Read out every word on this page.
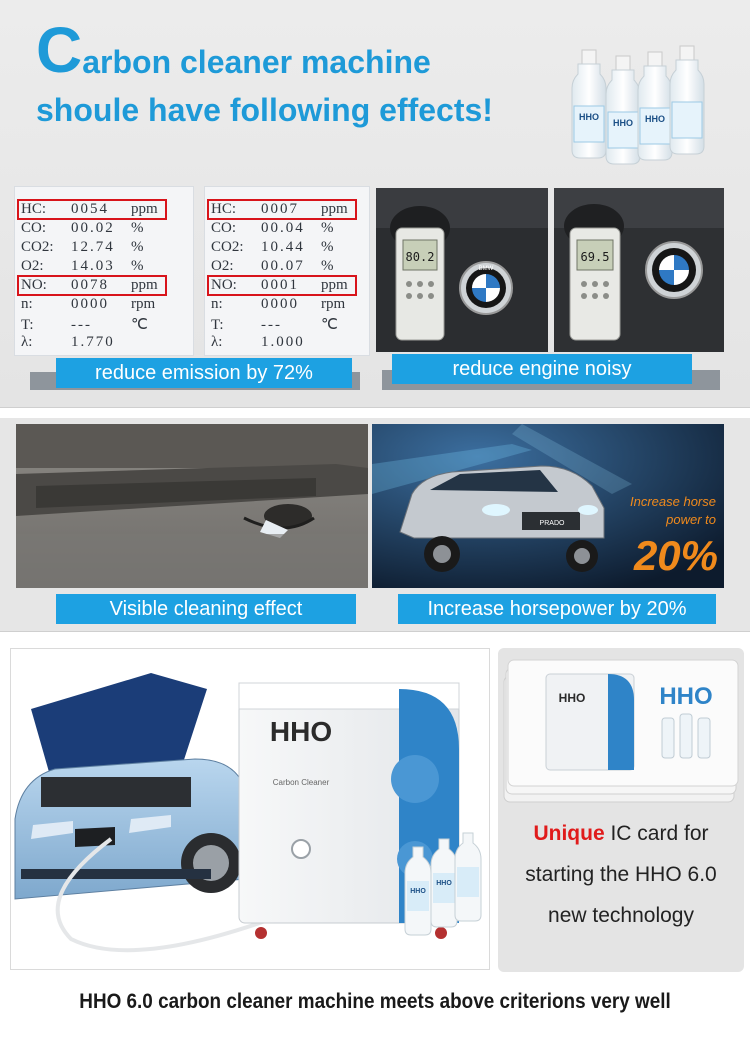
Carbon cleaner machine
shoule have following effects!	HHO
HHO HHO
HC: 0054 ppm
CO: 00.02 %
CO2: 12.74 %
O2: 14.03 %
NO: 0078 ppm
n:	0000 rpm
T: ---	℃
λ:	1.770
HC: 0007 ppm
CO: 00.04 %
CO2: 10.44 %
O2: 00.07 %
NO: 0001 ppm
n:	0000 rpm
T: ---	℃
λ:	1.000
80.2
BMW
69.5
reduce emission by 72%	reduce engine noisy
PRADO
Increase horse
power to
20%
Visible cleaning effect	Increase horsepower by 20%
HHO
Carbon Cleaner
HHO
HHO
HHO	HHO
Unique IC card for
starting the HHO 6.0
new technology
HHO 6.0 carbon cleaner machine meets above criterions very well
